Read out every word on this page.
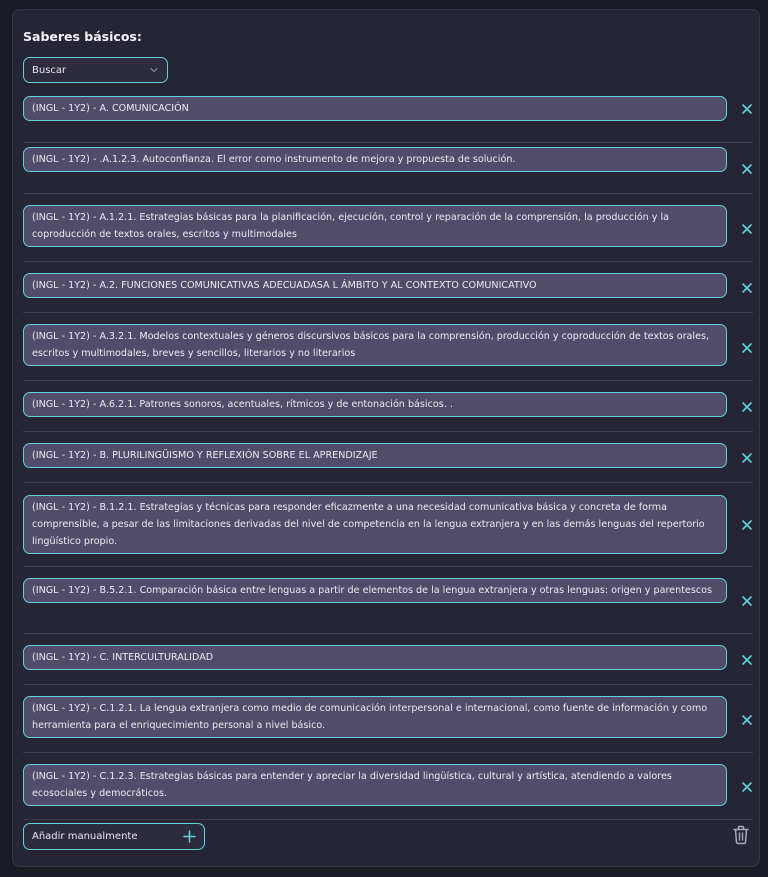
Saberes básicos:
Buscar
(INGL - 1Y2) - A. COMUNICACIÓN
(INGL - 1Y2) - .A.1.2.3. Autoconfianza. El error como instrumento de mejora y propuesta de solución.
(INGL - 1Y2) - A.1.2.1. Estrategias básicas para la planificación, ejecución, control y reparación de la comprensión, la producción y la coproducción de textos orales, escritos y multimodales
(INGL - 1Y2) - A.2. FUNCIONES COMUNICATIVAS ADECUADASA L ÁMBITO Y AL CONTEXTO COMUNICATIVO
(INGL - 1Y2) - A.3.2.1. Modelos contextuales y géneros discursivos básicos para la comprensión, producción y coproducción de textos orales, escritos y multimodales, breves y sencillos, literarios y no literarios
(INGL - 1Y2) - A.6.2.1. Patrones sonoros, acentuales, rítmicos y de entonación básicos. .
(INGL - 1Y2) - B. PLURILINGÜISMO Y REFLEXIÓN SOBRE EL APRENDIZAJE
(INGL - 1Y2) - B.1.2.1. Estrategias y técnicas para responder eficazmente a una necesidad comunicativa básica y concreta de forma comprensible, a pesar de las limitaciones derivadas del nivel de competencia en la lengua extranjera y en las demás lenguas del repertorio lingüístico propio.
(INGL - 1Y2) - B.5.2.1. Comparación básica entre lenguas a partir de elementos de la lengua extranjera y otras lenguas: origen y parentescos
(INGL - 1Y2) - C. INTERCULTURALIDAD
(INGL - 1Y2) - C.1.2.1. La lengua extranjera como medio de comunicación interpersonal e internacional, como fuente de información y como herramienta para el enriquecimiento personal a nivel básico.
(INGL - 1Y2) - C.1.2.3. Estrategias básicas para entender y apreciar la diversidad lingüística, cultural y artística, atendiendo a valores ecosociales y democráticos.
Añadir manualmente
